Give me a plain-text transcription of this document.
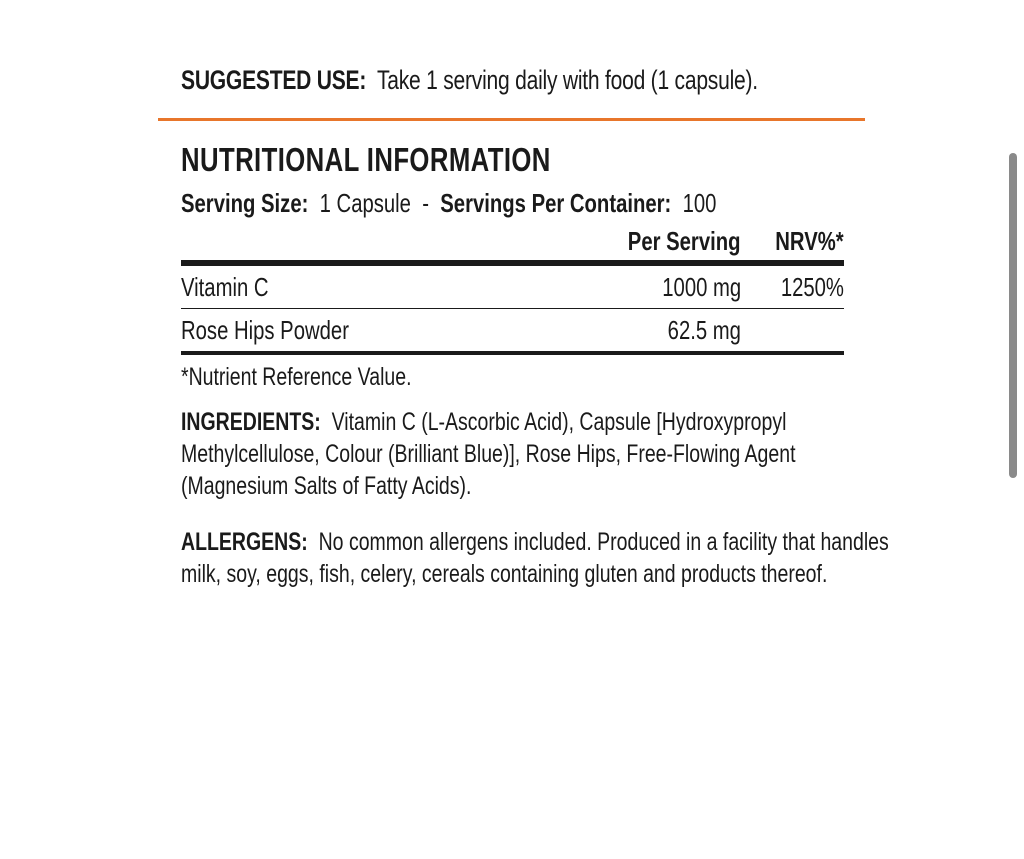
SUGGESTED USE: Take 1 serving daily with food (1 capsule).
NUTRITIONAL INFORMATION
Serving Size: 1 Capsule - Servings Per Container: 100
Per Serving	NRV%*
Vitamin C	1000 mg	1250%
Rose Hips Powder	62.5 mg
*Nutrient Reference Value.
INGREDIENTS: Vitamin C (L-Ascorbic Acid), Capsule [Hydroxypropyl
Methylcellulose, Colour (Brilliant Blue)], Rose Hips, Free-Flowing Agent
(Magnesium Salts of Fatty Acids).
ALLERGENS: No common allergens included. Produced in a facility that handles
milk, soy, eggs, fish, celery, cereals containing gluten and products thereof.
